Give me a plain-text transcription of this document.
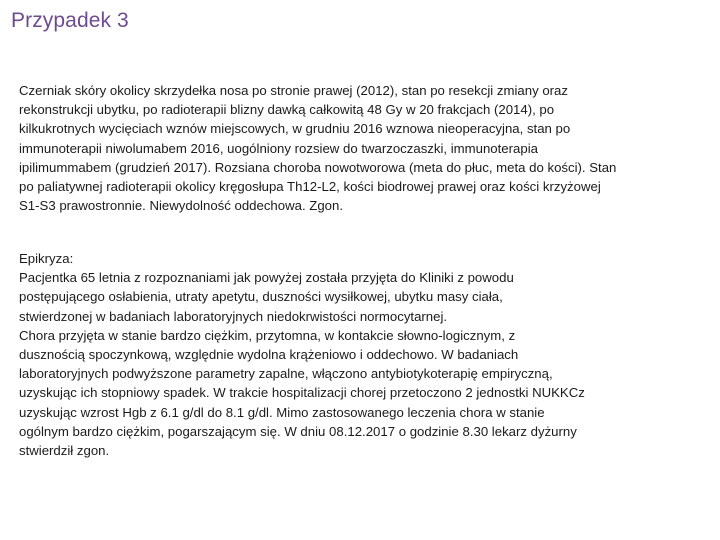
Przypadek 3
Czerniak skóry okolicy skrzydełka nosa po stronie prawej (2012), stan po resekcji zmiany oraz
rekonstrukcji ubytku, po radioterapii blizny dawką całkowitą 48 Gy w 20 frakcjach (2014), po
kilkukrotnych wycięciach wznów miejscowych, w grudniu 2016 wznowa nieoperacyjna, stan po
immunoterapii niwolumabem 2016, uogólniony rozsiew do twarzoczaszki, immunoterapia
ipilimummabem (grudzień 2017). Rozsiana choroba nowotworowa (meta do płuc, meta do kości). Stan
po paliatywnej radioterapii okolicy kręgosłupa Th12-L2, kości biodrowej prawej oraz kości krzyżowej
S1-S3 prawostronnie. Niewydolność oddechowa. Zgon.
Epikryza:
Pacjentka 65 letnia z rozpoznaniami jak powyżej została przyjęta do Kliniki z powodu
postępującego osłabienia, utraty apetytu, duszności wysiłkowej, ubytku masy ciała,
stwierdzonej w badaniach laboratoryjnych niedokrwistości normocytarnej.
Chora przyjęta w stanie bardzo ciężkim, przytomna, w kontakcie słowno-logicznym, z
dusznością spoczynkową, względnie wydolna krążeniowo i oddechowo. W badaniach
laboratoryjnych podwyższone parametry zapalne, włączono antybiotykoterapię empiryczną,
uzyskując ich stopniowy spadek. W trakcie hospitalizacji chorej przetoczono 2 jednostki NUKKCz
uzyskując wzrost Hgb z 6.1 g/dl do 8.1 g/dl. Mimo zastosowanego leczenia chora w stanie
ogólnym bardzo ciężkim, pogarszającym się. W dniu 08.12.2017 o godzinie 8.30 lekarz dyżurny
stwierdził zgon.
